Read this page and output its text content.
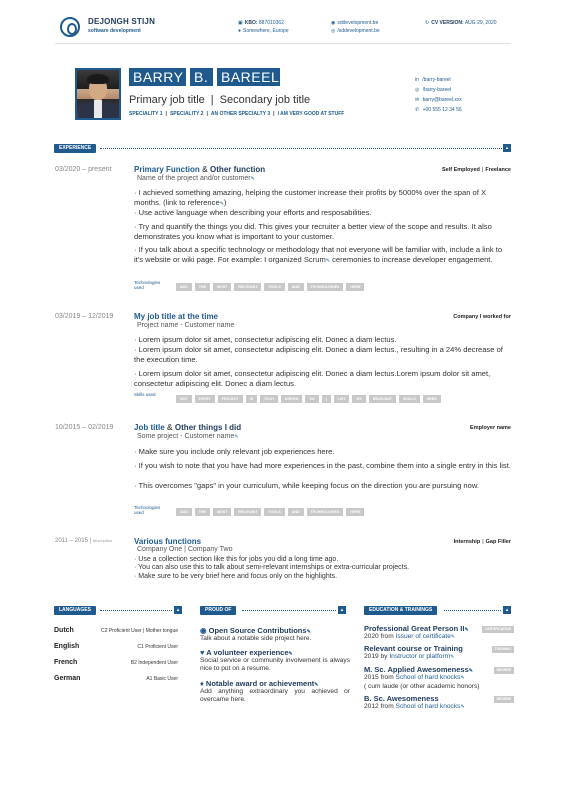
DEJONGH STIJN
software development
▣ KBO: 887010362
● Somewhere, Europe
◉ sddevelopment.be
◎ /sddevelopment.be
↻ CV VERSION: AUG 29, 2020
BARRY B. BAREEL
Primary job title | Secondary job title
SPECIALITY 1 | SPECIALITY 2 | AN OTHER SPECIALTY 3 | I AM VERY GOOD AT STUFF
in /barry-bareel
◎ /barry-bareel
✉ barry@bareel.xxx
✆ +00 555 12 34 56
EXPERIENCE	▴
03/2020 – present	Primary Function & Other function
Name of the project and/or customer✎
Self Employed | Freelance
· I achieved something amazing, helping the customer increase their profits by 5000% over the span of X months. (link to reference✎)
· Use active language when describing your efforts and resposabilities.
· Try and quantify the things you did. This gives your recruiter a better view of the scope and results. It also demonstrates you know what is important to your customer.
· If you talk about a specific technology or methodology that not everyone will be familiar with, include a link to it's website or wiki page. For example: I organized Scrum✎ ceremonies to increase developer engagement.
Technologies used	ADD	THE	MOST	RELEVANT	TOOLS	AND	TECHNOLOGIES	HERE
03/2019 – 12/2019	My job title at the time
Project name - Customer name
Company I worked for
· Lorem ipsum dolor sit amet, consectetur adipiscing elit. Donec a diam lectus.
· Lorem ipsum dolor sit amet, consectetur adipiscing elit. Donec a diam lectus., resulting in a 24% decrease of the execution time.
· Lorem ipsum dolor sit amet, consectetur adipiscing elit. Donec a diam lectus.Lorem ipsum dolor sit amet, consectetur adipiscing elit. Donec a diam lectus.
Skills used
NOT	EVERY	PROJECT	IS	TECH	DRIVEN	SO	|	LIST	MY	RELEVANT	SKILLS	HERE
10/2015 – 02/2019	Job title & Other things I did
Some project - Customer name✎
Employer name
· Make sure you include only relevant job experiences here.
· If you wish to note that you have had more experiences in the past, combine them into a single entry in this list.
· This overcomes "gaps" in your curriculum, while keeping focus on the direction you are pursuing now.
Technologies used	ADD	THE	MOST	RELEVANT	TOOLS	AND	TECHNOLOGIES	HERE
2011 – 2015 | description	Various functions
Company One | Company Two
Internship | Gap Filler
· Use a collection section like this for jobs you did a long time ago.
· You can also use this to talk about semi-relevant internships or extra-curricular projects.
· Make sure to be very brief here and focus only on the highlights.
LANGUAGES	▴
Dutch	C2 Proficient User | Mother tongue
English	C1 Proficient User
French	B2 Independent User
German	A1 Basic User
PROUD OF	▴
◉ Open Source Contributions✎
Talk about a notable side project here.
♥ A volunteer experience✎
Social service or community involvement is always nice to put on a resume.
♦ Notable award or achievement✎
Add anything extraordinary you achieved or overcame here.
EDUCATION & TRAININGS	▴
Professional Great Person II✎
2020 from Issuer of certificate✎
CERTIFICATION
Relevant course or Training
2019 by Instructor or platform✎
TRAINING
M. Sc. Applied Awesomeness✎
2015 from School of hard knocks✎
( cum laude (or other academic honors)
DEGREE
B. Sc. Awesomeness
2012 from School of hard knocks✎
DEGREE
